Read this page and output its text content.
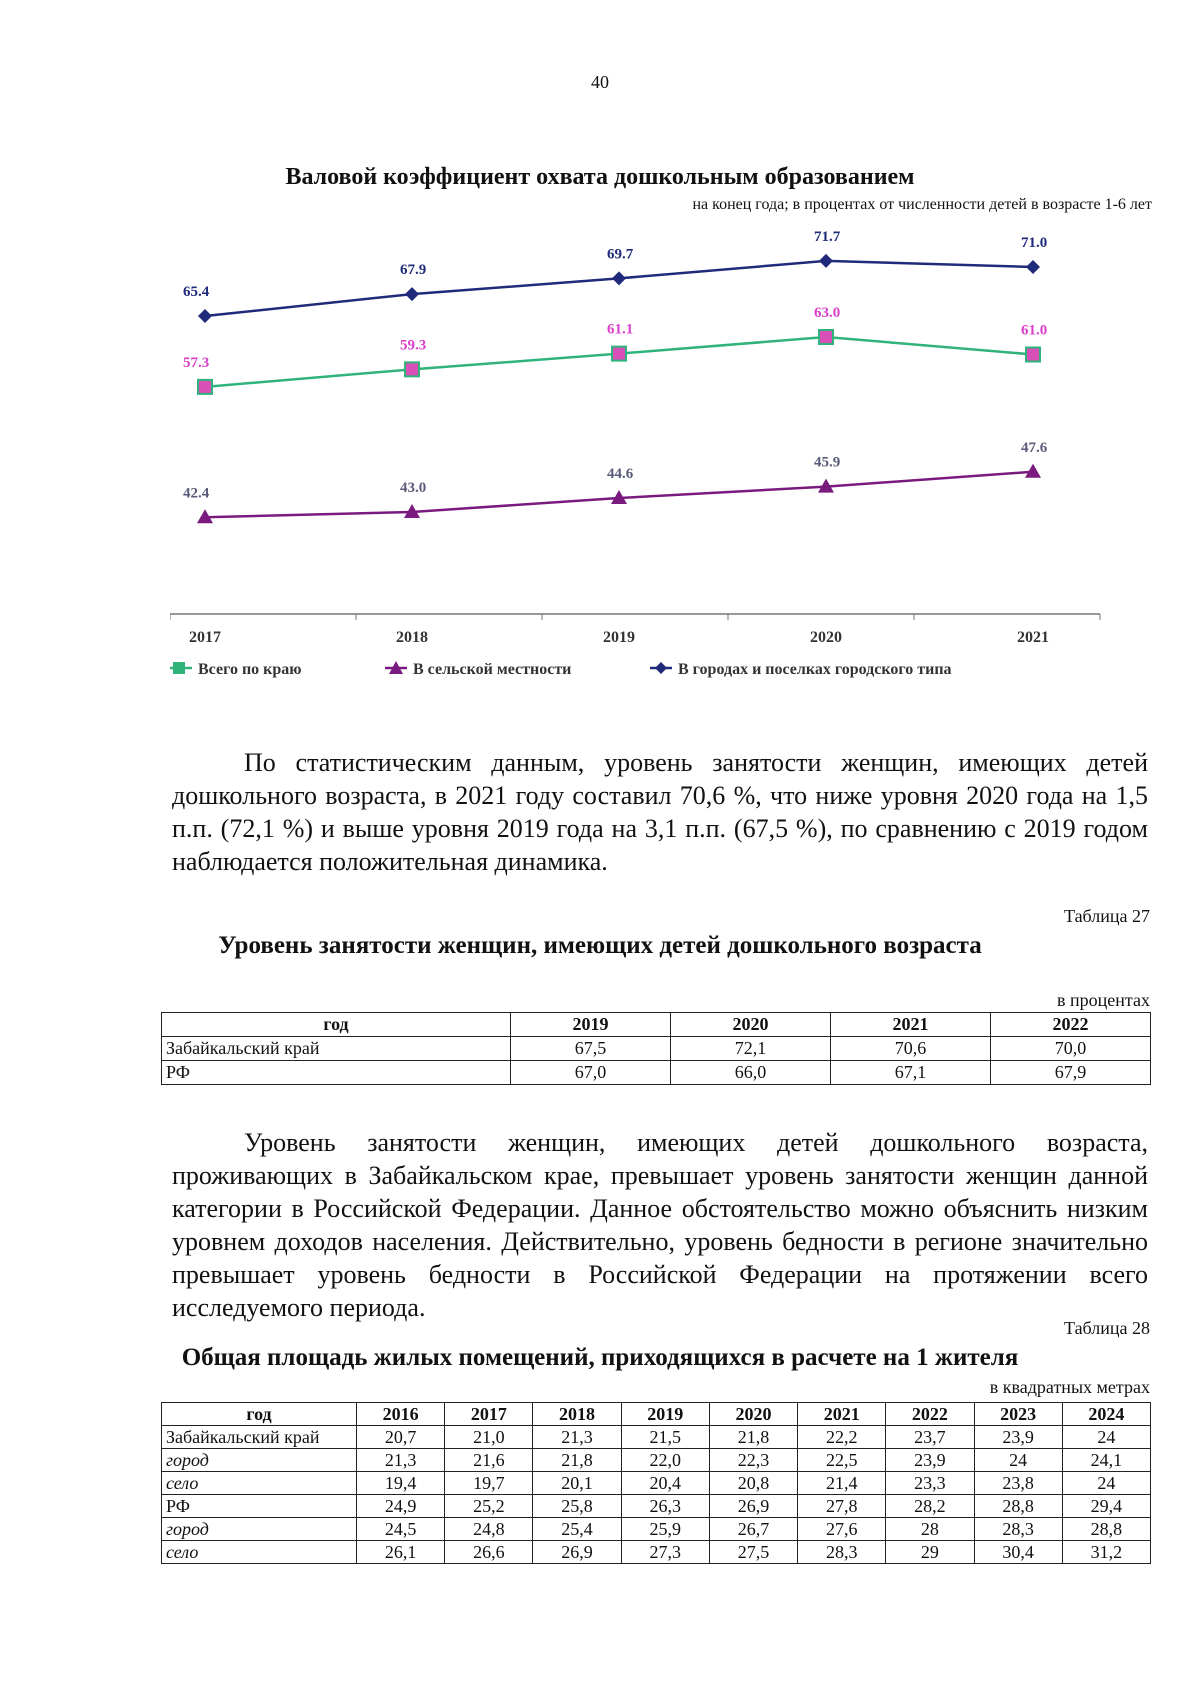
40
Валовой коэффициент охвата дошкольным образованием
на конец года; в процентах от численности детей в возрасте 1-6 лет
2017	2018	2019	2020	2021
65.4
67.9
69.7
71.7	71.0
57.3
59.3
61.1
63.0
61.0
42.4	43.0
44.6
45.9
47.6
Всего по краю	В сельской местности	В городах и поселках городского типа

По статистическим данным, уровень занятости женщин, имеющих детей дошкольного возраста, в 2021 году составил 70,6 %, что ниже уровня 2020 года на 1,5 п.п. (72,1 %) и выше уровня 2019 года на 3,1 п.п. (67,5 %), по сравнению с 2019 годом наблюдается положительная динамика.

Таблица 27
Уровень занятости женщин, имеющих детей дошкольного возраста
в процентах
год	2019	2020	2021	2022
Забайкальский край	67,5	72,1	70,6	70,0
РФ	67,0	66,0	67,1	67,9

Уровень занятости женщин, имеющих детей дошкольного возраста, проживающих в Забайкальском крае, превышает уровень занятости женщин данной категории в Российской Федерации. Данное обстоятельство можно объяснить низким уровнем доходов населения. Действительно, уровень бедности в регионе значительно превышает уровень бедности в Российской Федерации на протяжении всего исследуемого периода.

Таблица 28
Общая площадь жилых помещений, приходящихся в расчете на 1 жителя
в квадратных метрах
год	2016	2017	2018	2019	2020	2021	2022	2023	2024
Забайкальский край	20,7	21,0	21,3	21,5	21,8	22,2	23,7	23,9	24
город	21,3	21,6	21,8	22,0	22,3	22,5	23,9	24	24,1
село	19,4	19,7	20,1	20,4	20,8	21,4	23,3	23,8	24
РФ	24,9	25,2	25,8	26,3	26,9	27,8	28,2	28,8	29,4
город	24,5	24,8	25,4	25,9	26,7	27,6	28	28,3	28,8
село	26,1	26,6	26,9	27,3	27,5	28,3	29	30,4	31,2
